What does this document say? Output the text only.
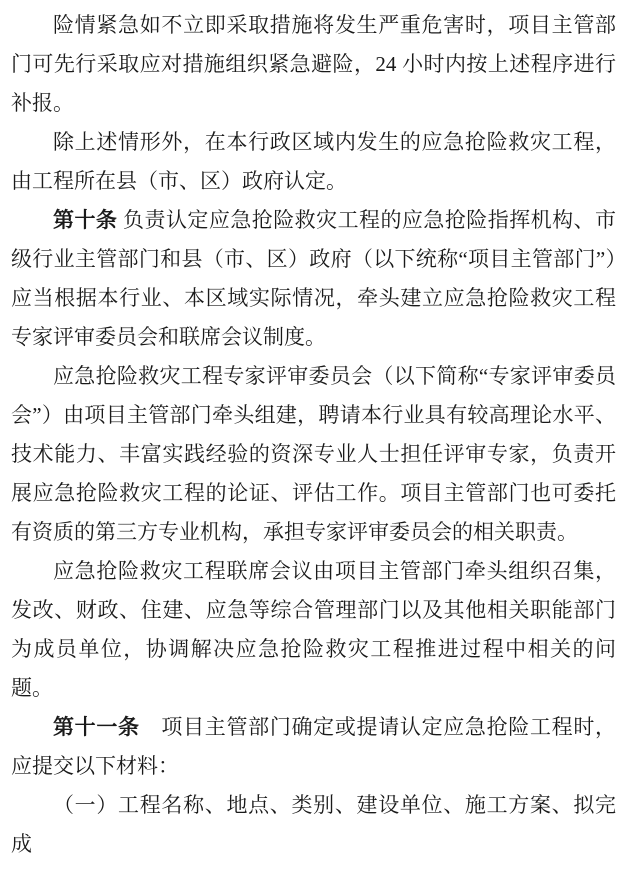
险情紧急如不立即采取措施将发生严重危害时，项目主管部门可先行采取应对措施组织紧急避险，24 小时内按上述程序进行补报。

除上述情形外，在本行政区域内发生的应急抢险救灾工程，由工程所在县（市、区）政府认定。

第十条 负责认定应急抢险救灾工程的应急抢险指挥机构、市级行业主管部门和县（市、区）政府（以下统称“项目主管部门”）应当根据本行业、本区域实际情况，牵头建立应急抢险救灾工程专家评审委员会和联席会议制度。

应急抢险救灾工程专家评审委员会（以下简称“专家评审委员会”）由项目主管部门牵头组建，聘请本行业具有较高理论水平、技术能力、丰富实践经验的资深专业人士担任评审专家，负责开展应急抢险救灾工程的论证、评估工作。项目主管部门也可委托有资质的第三方专业机构，承担专家评审委员会的相关职责。

应急抢险救灾工程联席会议由项目主管部门牵头组织召集，发改、财政、住建、应急等综合管理部门以及其他相关职能部门为成员单位，协调解决应急抢险救灾工程推进过程中相关的问题。

第十一条　项目主管部门确定或提请认定应急抢险工程时，应提交以下材料：

（一）工程名称、地点、类别、建设单位、施工方案、拟完成
